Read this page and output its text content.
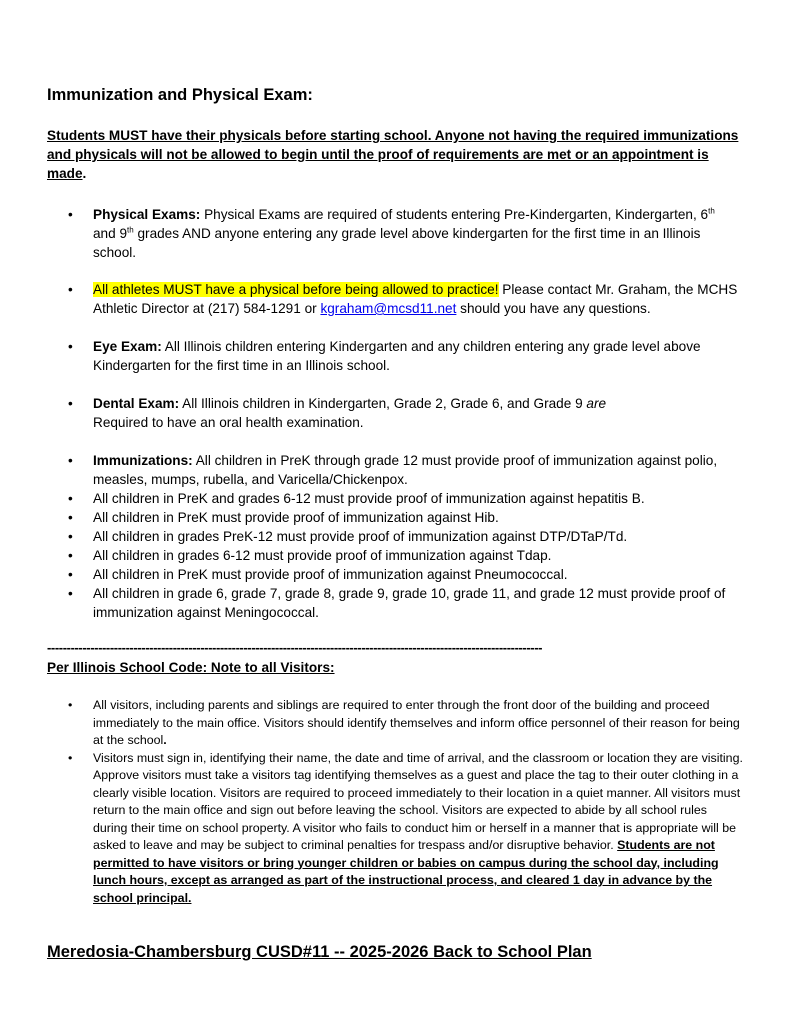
Immunization and Physical Exam:
Students MUST have their physicals before starting school. Anyone not having the required immunizations and physicals will not be allowed to begin until the proof of requirements are met or an appointment is made.
• Physical Exams: Physical Exams are required of students entering Pre-Kindergarten, Kindergarten, 6th and 9th grades AND anyone entering any grade level above kindergarten for the first time in an Illinois school.
• All athletes MUST have a physical before being allowed to practice! Please contact Mr. Graham, the MCHS Athletic Director at (217) 584-1291 or kgraham@mcsd11.net should you have any questions.
• Eye Exam: All Illinois children entering Kindergarten and any children entering any grade level above Kindergarten for the first time in an Illinois school.
• Dental Exam: All Illinois children in Kindergarten, Grade 2, Grade 6, and Grade 9 are
Required to have an oral health examination.
• Immunizations: All children in PreK through grade 12 must provide proof of immunization against polio, measles, mumps, rubella, and Varicella/Chickenpox.
• All children in PreK and grades 6-12 must provide proof of immunization against hepatitis B.
• All children in PreK must provide proof of immunization against Hib.
• All children in grades PreK-12 must provide proof of immunization against DTP/DTaP/Td.
• All children in grades 6-12 must provide proof of immunization against Tdap.
• All children in PreK must provide proof of immunization against Pneumococcal.
• All children in grade 6, grade 7, grade 8, grade 9, grade 10, grade 11, and grade 12 must provide proof of immunization against Meningococcal.
------------------------------------------------------------------------------------------------------------------------------
Per Illinois School Code: Note to all Visitors:
• All visitors, including parents and siblings are required to enter through the front door of the building and proceed immediately to the main office. Visitors should identify themselves and inform office personnel of their reason for being at the school.
• Visitors must sign in, identifying their name, the date and time of arrival, and the classroom or location they are visiting. Approve visitors must take a visitors tag identifying themselves as a guest and place the tag to their outer clothing in a clearly visible location. Visitors are required to proceed immediately to their location in a quiet manner. All visitors must return to the main office and sign out before leaving the school. Visitors are expected to abide by all school rules during their time on school property. A visitor who fails to conduct him or herself in a manner that is appropriate will be asked to leave and may be subject to criminal penalties for trespass and/or disruptive behavior. Students are not permitted to have visitors or bring younger children or babies on campus during the school day, including lunch hours, except as arranged as part of the instructional process, and cleared 1 day in advance by the school principal.
Meredosia-Chambersburg CUSD#11 -- 2025-2026 Back to School Plan
